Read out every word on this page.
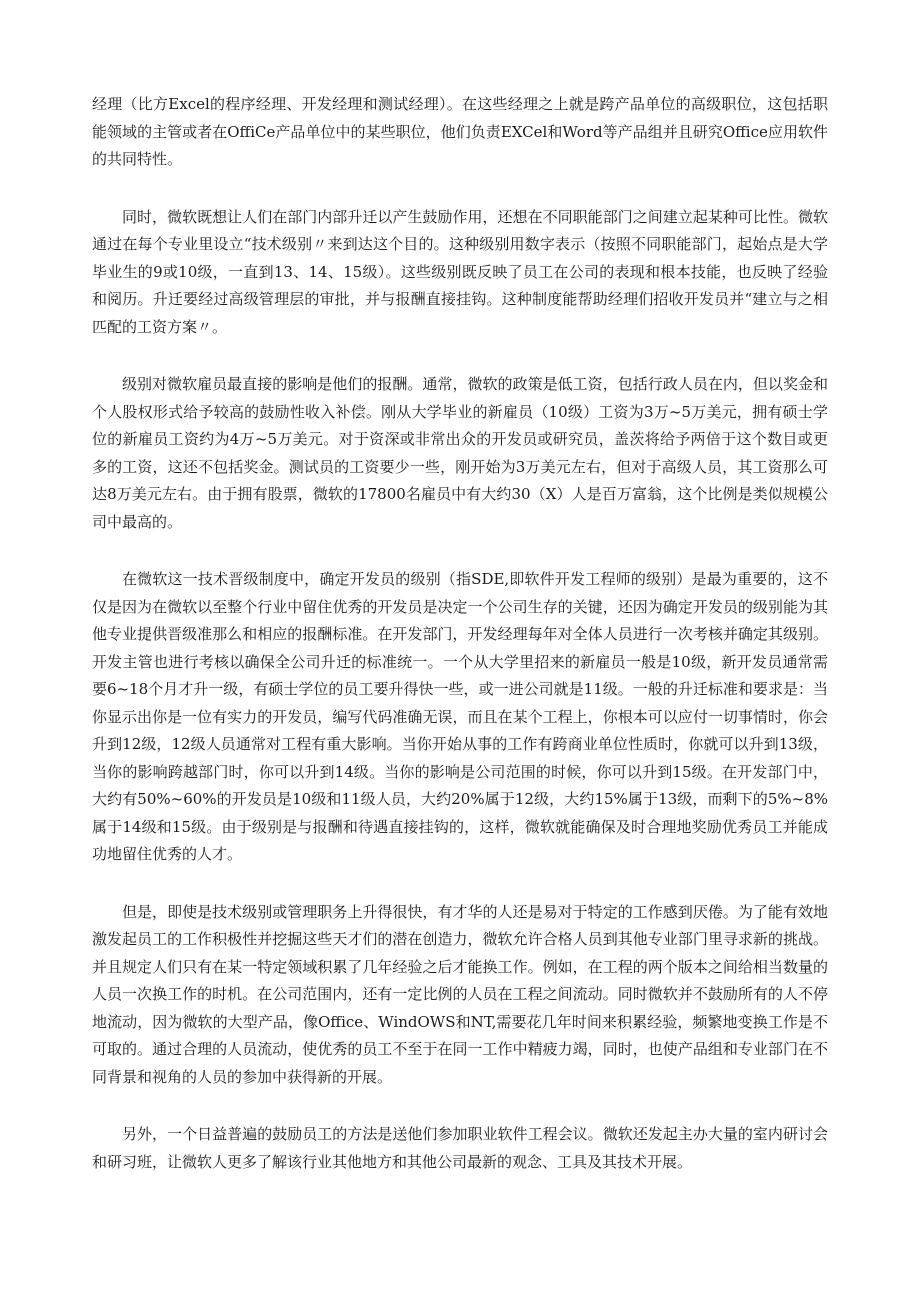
经理（比方Excel的程序经理、开发经理和测试经理）。在这些经理之上就是跨产品单位的高级职位，这包括职能领域的主管或者在OffiCe产品单位中的某些职位，他们负责EXCel和Word等产品组并且研究Office应用软件的共同特性。

同时，微软既想让人们在部门内部升迁以产生鼓励作用，还想在不同职能部门之间建立起某种可比性。微软通过在每个专业里设立“技术级别〃来到达这个目的。这种级别用数字表示（按照不同职能部门，起始点是大学毕业生的9或10级，一直到13、14、15级）。这些级别既反映了员工在公司的表现和根本技能，也反映了经验和阅历。升迁要经过高级管理层的审批，并与报酬直接挂钩。这种制度能帮助经理们招收开发员并“建立与之相匹配的工资方案〃。

级别对微软雇员最直接的影响是他们的报酬。通常，微软的政策是低工资，包括行政人员在内，但以奖金和个人股权形式给予较高的鼓励性收入补偿。刚从大学毕业的新雇员（10级）工资为3万~5万美元，拥有硕士学位的新雇员工资约为4万~5万美元。对于资深或非常出众的开发员或研究员，盖茨将给予两倍于这个数目或更多的工资，这还不包括奖金。测试员的工资要少一些，刚开始为3万美元左右，但对于高级人员，其工资那么可达8万美元左右。由于拥有股票，微软的17800名雇员中有大约30（X）人是百万富翁，这个比例是类似规模公司中最高的。

在微软这一技术晋级制度中，确定开发员的级别（指SDE,即软件开发工程师的级别）是最为重要的，这不仅是因为在微软以至整个行业中留住优秀的开发员是决定一个公司生存的关键，还因为确定开发员的级别能为其他专业提供晋级准那么和相应的报酬标准。在开发部门，开发经理每年对全体人员进行一次考核并确定其级别。开发主管也进行考核以确保全公司升迁的标准统一。一个从大学里招来的新雇员一般是10级，新开发员通常需要6~18个月才升一级，有硕士学位的员工要升得快一些，或一进公司就是11级。一般的升迁标准和要求是：当你显示出你是一位有实力的开发员，编写代码准确无误，而且在某个工程上，你根本可以应付一切事情时，你会升到12级，12级人员通常对工程有重大影响。当你开始从事的工作有跨商业单位性质时，你就可以升到13级，当你的影响跨越部门时，你可以升到14级。当你的影响是公司范围的时候，你可以升到15级。在开发部门中，大约有50%~60%的开发员是10级和11级人员，大约20%属于12级，大约15%属于13级，而剩下的5%~8%属于14级和15级。由于级别是与报酬和待遇直接挂钩的，这样，微软就能确保及时合理地奖励优秀员工并能成功地留住优秀的人才。

但是，即使是技术级别或管理职务上升得很快，有才华的人还是易对于特定的工作感到厌倦。为了能有效地激发起员工的工作积极性并挖掘这些天才们的潜在创造力，微软允许合格人员到其他专业部门里寻求新的挑战。并且规定人们只有在某一特定领域积累了几年经验之后才能换工作。例如，在工程的两个版本之间给相当数量的人员一次换工作的时机。在公司范围内，还有一定比例的人员在工程之间流动。同时微软并不鼓励所有的人不停地流动，因为微软的大型产品，像Office、WindOWS和NT,需要花几年时间来积累经验，频繁地变换工作是不可取的。通过合理的人员流动，使优秀的员工不至于在同一工作中精疲力竭，同时，也使产品组和专业部门在不同背景和视角的人员的参加中获得新的开展。

另外，一个日益普遍的鼓励员工的方法是送他们参加职业软件工程会议。微软还发起主办大量的室内研讨会和研习班，让微软人更多了解该行业其他地方和其他公司最新的观念、工具及其技术开展。
